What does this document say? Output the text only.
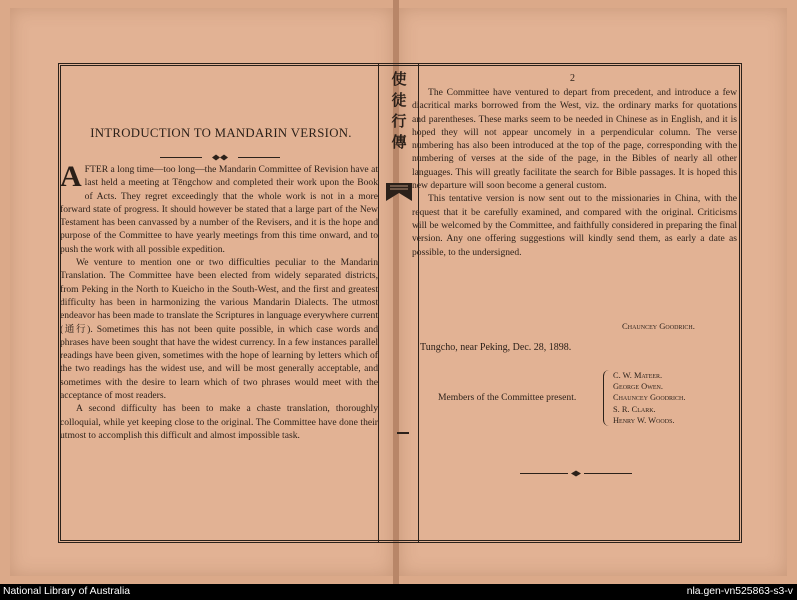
使
徒
行
傳
INTRODUCTION TO MANDARIN VERSION.

AFTER a long time—too long—the Mandarin Committee of Revision have at last held a meeting at Tēngchow and completed their work upon the Book of Acts. They regret exceedingly that the whole work is not in a more forward state of progress. It should however be stated that a large part of the New Testament has been canvassed by a number of the Revisers, and it is the hope and purpose of the Committee to have yearly meetings from this time onward, and to push the work with all possible expedition.

We venture to mention one or two difficulties peculiar to the Mandarin Translation. The Committee have been elected from widely separated districts, from Peking in the North to Kueicho in the South-West, and the first and greatest difficulty has been in harmonizing the various Mandarin Dialects. The utmost endeavor has been made to translate the Scriptures in language everywhere current (通行). Sometimes this has not been quite possible, in which case words and phrases have been sought that have the widest currency. In a few instances parallel readings have been given, sometimes with the hope of learning by letters which of the two readings has the widest use, and will be most generally acceptable, and sometimes with the desire to learn which of two phrases would meet with the acceptance of most readers.

A second difficulty has been to make a chaste translation, thoroughly colloquial, while yet keeping close to the original. The Committee have done their utmost to accomplish this difficult and almost impossible task.

2

The Committee have ventured to depart from precedent, and introduce a few diacritical marks borrowed from the West, viz. the ordinary marks for quotations and parentheses. These marks seem to be needed in Chinese as in English, and it is hoped they will not appear uncomely in a perpendicular column. The verse numbering has also been introduced at the top of the page, corresponding with the numbering of verses at the side of the page, in the Bibles of nearly all other languages. This will greatly facilitate the search for Bible passages. It is hoped this new departure will soon become a general custom.

This tentative version is now sent out to the missionaries in China, with the request that it be carefully examined, and compared with the original. Criticisms will be welcomed by the Committee, and faithfully considered in preparing the final version. Any one offering suggestions will kindly send them, as early a date as possible, to the undersigned.

Chauncey Goodrich.
Tungcho, near Peking, Dec. 28, 1898.
Members of the Committee present.
C. W. Mateer.
George Owen.
Chauncey Goodrich.
S. R. Clark.
Henry W. Woods.
National Library of Australia	nla.gen-vn525863-s3-v
